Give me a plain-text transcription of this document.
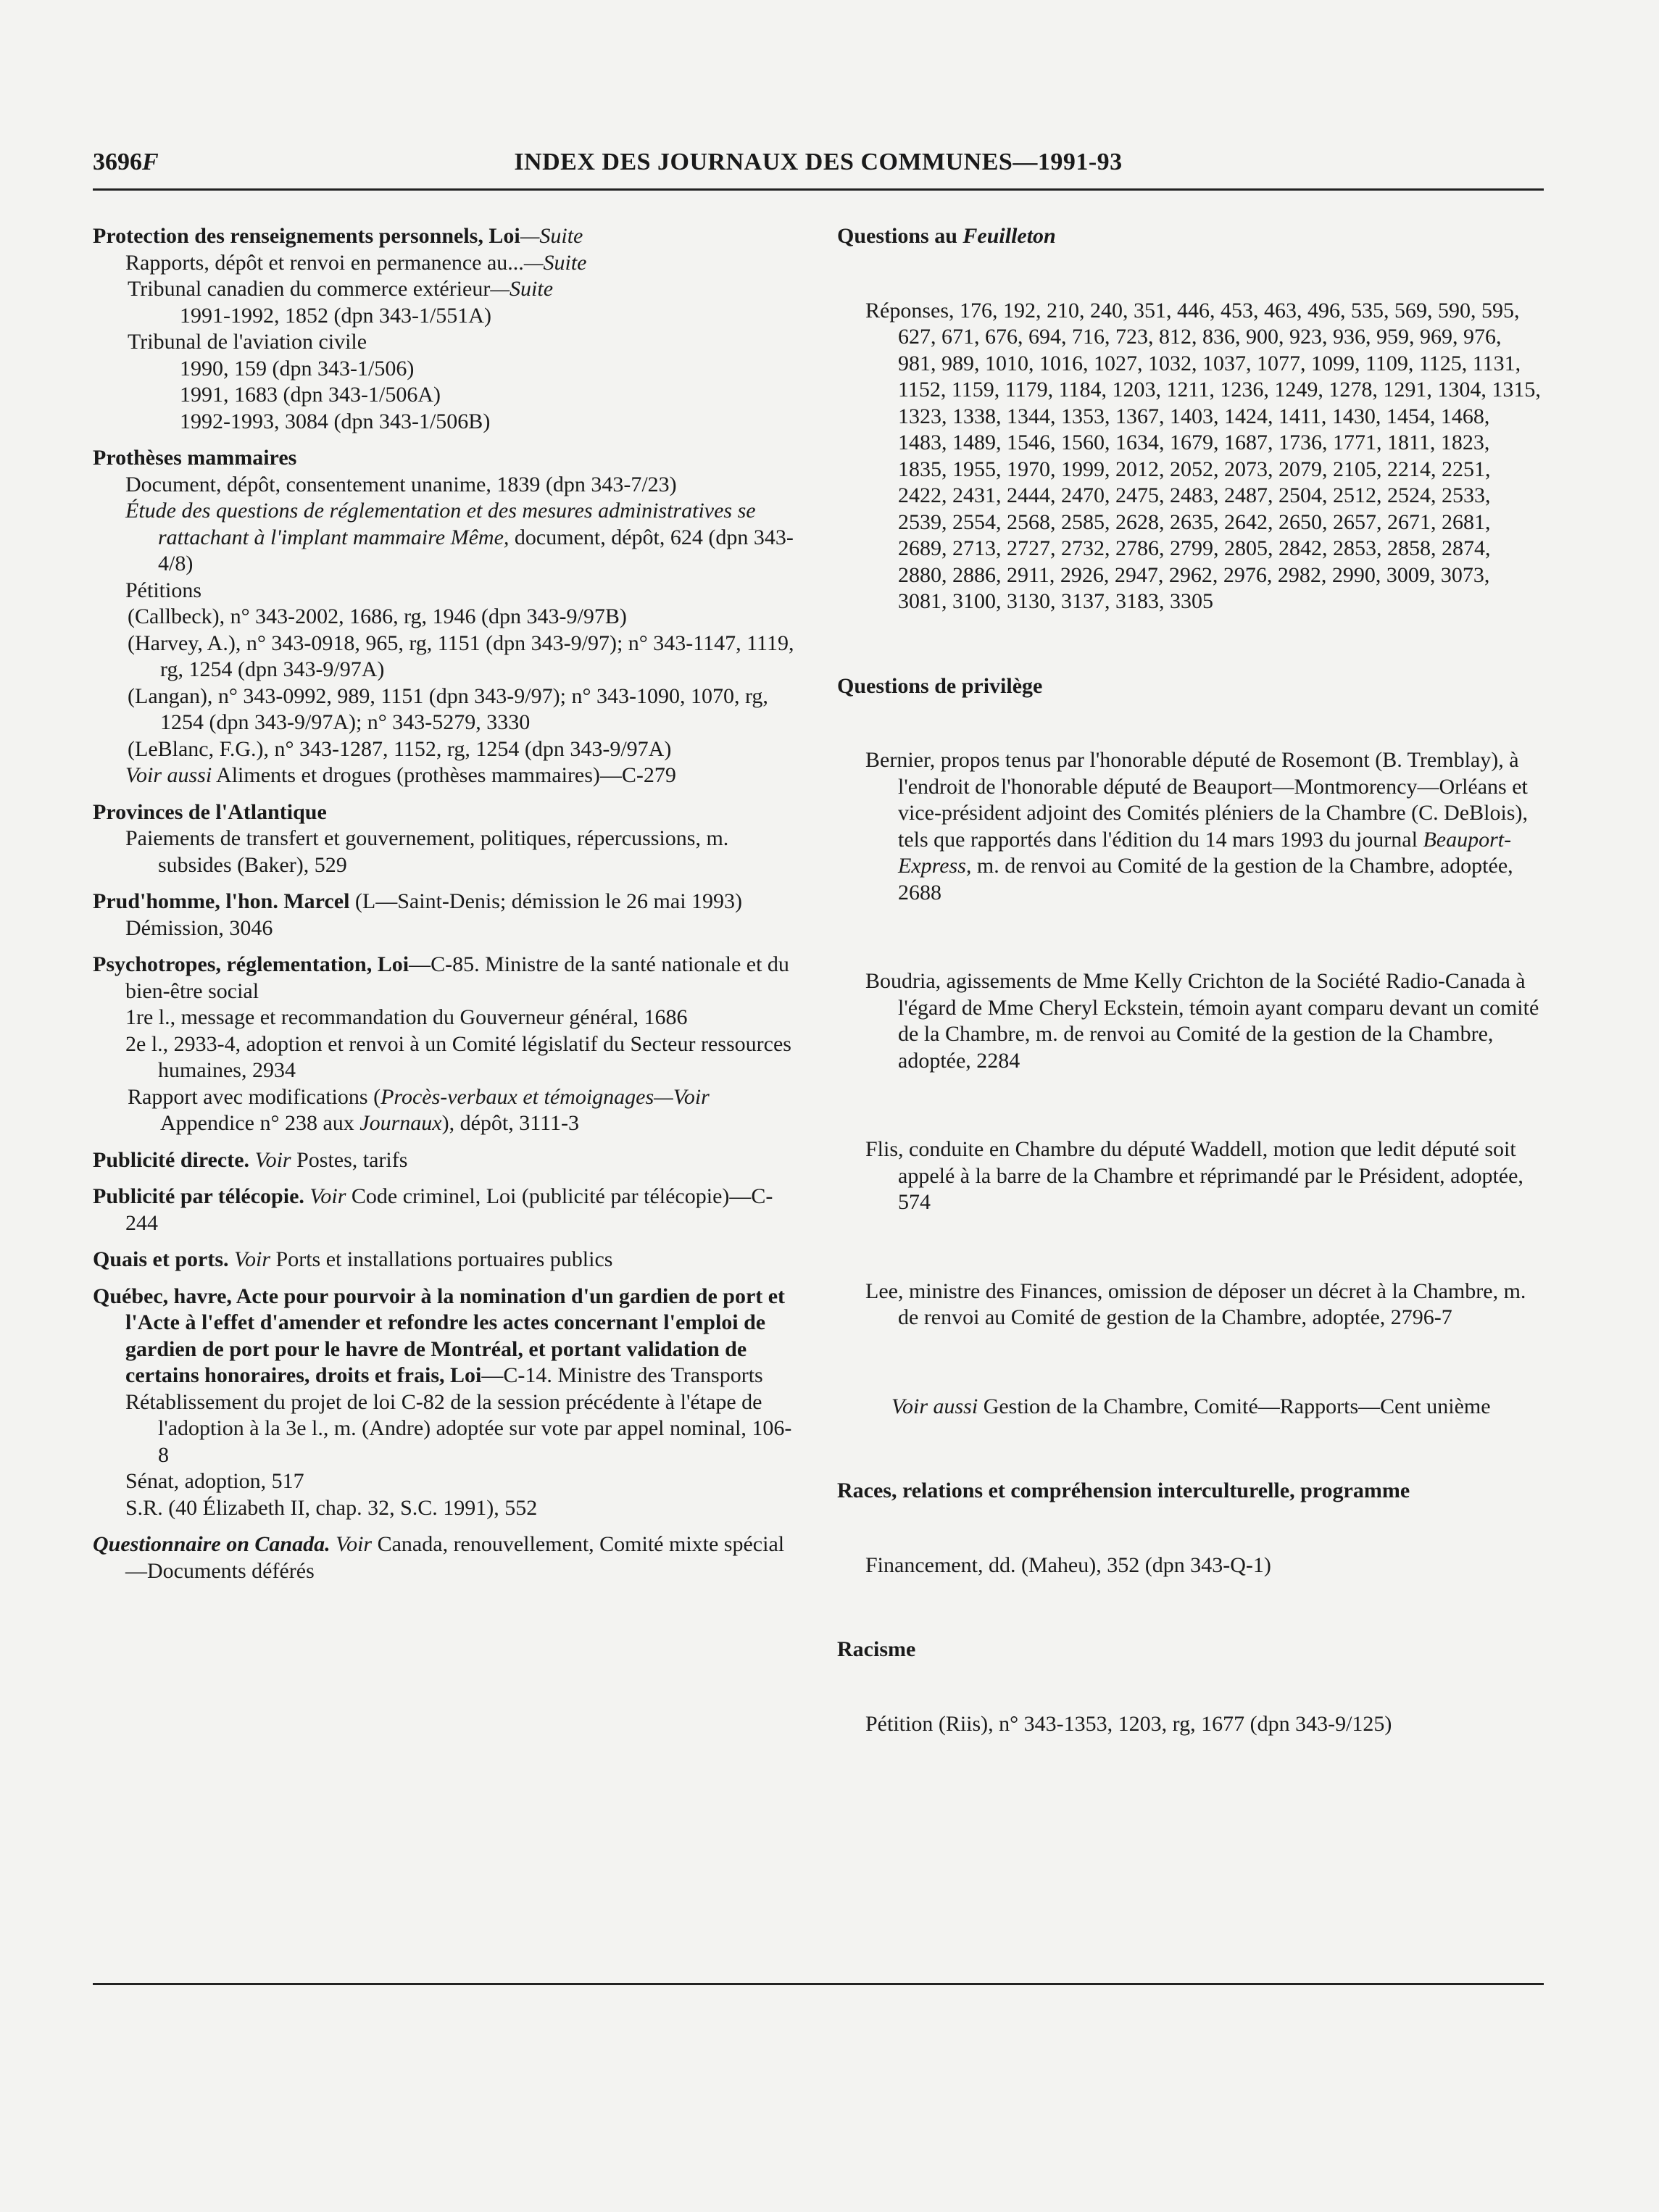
3696F	INDEX DES JOURNAUX DES COMMUNES—1991-93
Protection des renseignements personnels, Loi—Suite
Rapports, dépôt et renvoi en permanence au...—Suite
Tribunal canadien du commerce extérieur—Suite
1991-1992, 1852 (dpn 343-1/551A)
Tribunal de l'aviation civile
1990, 159 (dpn 343-1/506)
1991, 1683 (dpn 343-1/506A)
1992-1993, 3084 (dpn 343-1/506B)
Prothèses mammaires
Document, dépôt, consentement unanime, 1839 (dpn 343-7/23)
Étude des questions de réglementation et des mesures administratives se rattachant à l'implant mammaire Même, document, dépôt, 624 (dpn 343-4/8)
Pétitions
(Callbeck), n° 343-2002, 1686, rg, 1946 (dpn 343-9/97B)
(Harvey, A.), n° 343-0918, 965, rg, 1151 (dpn 343-9/97); n° 343-1147, 1119, rg, 1254 (dpn 343-9/97A)
(Langan), n° 343-0992, 989, 1151 (dpn 343-9/97); n° 343-1090, 1070, rg, 1254 (dpn 343-9/97A); n° 343-5279, 3330
(LeBlanc, F.G.), n° 343-1287, 1152, rg, 1254 (dpn 343-9/97A)
Voir aussi Aliments et drogues (prothèses mammaires)—C-279
Provinces de l'Atlantique
Paiements de transfert et gouvernement, politiques, répercussions, m. subsides (Baker), 529
Prud'homme, l'hon. Marcel (L—Saint-Denis; démission le 26 mai 1993)
Démission, 3046
Psychotropes, réglementation, Loi—C-85. Ministre de la santé nationale et du bien-être social
1re l., message et recommandation du Gouverneur général, 1686
2e l., 2933-4, adoption et renvoi à un Comité législatif du Secteur ressources humaines, 2934
Rapport avec modifications (Procès-verbaux et témoignages—Voir Appendice n° 238 aux Journaux), dépôt, 3111-3
Publicité directe. Voir Postes, tarifs
Publicité par télécopie. Voir Code criminel, Loi (publicité par télécopie)—C-244
Quais et ports. Voir Ports et installations portuaires publics
Québec, havre, Acte pour pourvoir à la nomination d'un gardien de port et l'Acte à l'effet d'amender et refondre les actes concernant l'emploi de gardien de port pour le havre de Montréal, et portant validation de certains honoraires, droits et frais, Loi—C-14. Ministre des Transports
Rétablissement du projet de loi C-82 de la session précédente à l'étape de l'adoption à la 3e l., m. (Andre) adoptée sur vote par appel nominal, 106-8
Sénat, adoption, 517
S.R. (40 Élizabeth II, chap. 32, S.C. 1991), 552
Questionnaire on Canada. Voir Canada, renouvellement, Comité mixte spécial—Documents déférés
Questions au Feuilleton
Réponses, 176, 192, 210, 240, 351, 446, 453, 463, 496, 535, 569, 590, 595, 627, 671, 676, 694, 716, 723, 812, 836, 900, 923, 936, 959, 969, 976, 981, 989, 1010, 1016, 1027, 1032, 1037, 1077, 1099, 1109, 1125, 1131, 1152, 1159, 1179, 1184, 1203, 1211, 1236, 1249, 1278, 1291, 1304, 1315, 1323, 1338, 1344, 1353, 1367, 1403, 1424, 1411, 1430, 1454, 1468, 1483, 1489, 1546, 1560, 1634, 1679, 1687, 1736, 1771, 1811, 1823, 1835, 1955, 1970, 1999, 2012, 2052, 2073, 2079, 2105, 2214, 2251, 2422, 2431, 2444, 2470, 2475, 2483, 2487, 2504, 2512, 2524, 2533, 2539, 2554, 2568, 2585, 2628, 2635, 2642, 2650, 2657, 2671, 2681, 2689, 2713, 2727, 2732, 2786, 2799, 2805, 2842, 2853, 2858, 2874, 2880, 2886, 2911, 2926, 2947, 2962, 2976, 2982, 2990, 3009, 3073, 3081, 3100, 3130, 3137, 3183, 3305
Questions de privilège
Bernier, propos tenus par l'honorable député de Rosemont (B. Tremblay), à l'endroit de l'honorable député de Beauport—Montmorency—Orléans et vice-président adjoint des Comités pléniers de la Chambre (C. DeBlois), tels que rapportés dans l'édition du 14 mars 1993 du journal Beauport-Express, m. de renvoi au Comité de la gestion de la Chambre, adoptée, 2688
Boudria, agissements de Mme Kelly Crichton de la Société Radio-Canada à l'égard de Mme Cheryl Eckstein, témoin ayant comparu devant un comité de la Chambre, m. de renvoi au Comité de la gestion de la Chambre, adoptée, 2284
Flis, conduite en Chambre du député Waddell, motion que ledit député soit appelé à la barre de la Chambre et réprimandé par le Président, adoptée, 574
Lee, ministre des Finances, omission de déposer un décret à la Chambre, m. de renvoi au Comité de gestion de la Chambre, adoptée, 2796-7
Voir aussi Gestion de la Chambre, Comité—Rapports—Cent unième
Races, relations et compréhension interculturelle, programme
Financement, dd. (Maheu), 352 (dpn 343-Q-1)
Racisme
Pétition (Riis), n° 343-1353, 1203, rg, 1677 (dpn 343-9/125)
